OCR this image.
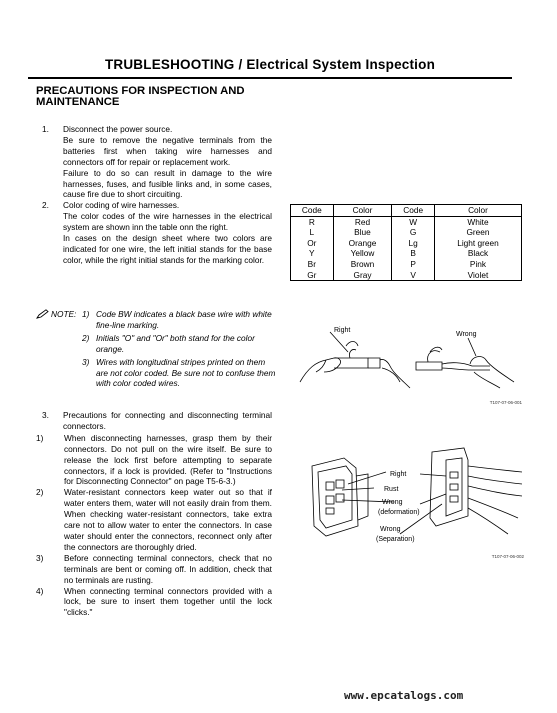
TRUBLESHOOTING / Electrical System Inspection
PRECAUTIONS FOR INSPECTION AND MAINTENANCE
1.	Disconnect the power source.
Be sure to remove the negative terminals from the batteries first when taking wire harnesses and connectors off for repair or replacement work.
Failure to do so can result in damage to the wire harnesses, fuses, and fusible links and, in some cases, cause fire due to short circuiting.
2.	Color coding of wire harnesses.
The color codes of the wire harnesses in the electrical system are shown inn the table onn the right.
In cases on the design sheet where two colors are indicated for one wire, the left initial stands for the base color, while the right initial stands for the marking color.
NOTE: 1) Code BW indicates a black base wire with white fine-line marking.
2) Initials "O" and "Or" both stand for the color orange.
3) Wires with longitudinal stripes printed on them are not color coded. Be sure not to confuse them with color coded wires.
3.	Precautions for connecting and disconnecting terminal connectors.
1)	When disconnecting harnesses, grasp them by their connectors. Do not pull on the wire itself. Be sure to release the lock first before attempting to separate connectors, if a lock is provided. (Refer to "Instructions for Disconnecting Connector" on page T5-6-3.)
2)	Water-resistant connectors keep water out so that if water enters them, water will not easily drain from them. When checking water-resistant connectors, take extra care not to allow water to enter the connectors. In case water should enter the connectors, reconnect only after the connectors are thoroughly dried.
3)	Before connecting terminal connectors, check that no terminals are bent or coming off. In addition, check that no terminals are rusting.
4)	When connecting terminal connectors provided with a lock, be sure to insert them together until the lock "clicks."
Code	Color	Code	Color
R	Red	W	White
L	Blue	G	Green
Or	Orange	Lg	Light green
Y	Yellow	B	Black
Br	Brown	P	Pink
Gr	Gray	V	Violet
Right
Wrong
T107-07-06-001
Right
Rust
Wrong
(deformation)
Wrong
(Separation)
T107-07-06-002
www.epcatalogs.com
